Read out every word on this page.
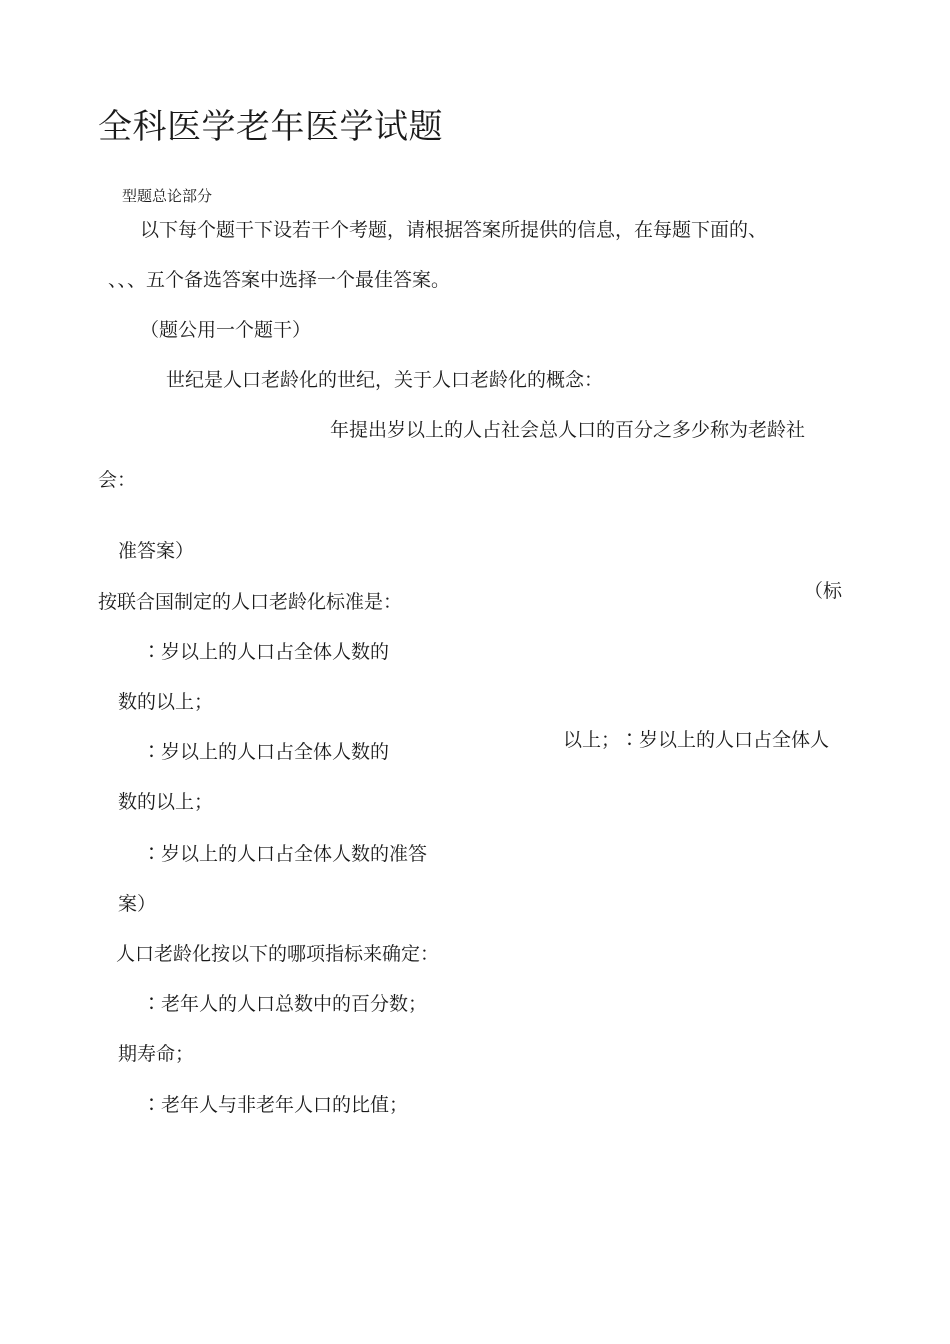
全科医学老年医学试题
型题总论部分
以下每个题干下设若干个考题，请根据答案所提供的信息，在每题下面的、
、、、五个备选答案中选择一个最佳答案。
（题公用一个题干）
世纪是人口老龄化的世纪，关于人口老龄化的概念：
年提出岁以上的人占社会总人口的百分之多少称为老龄社
会：
准答案）
按联合国制定的人口老龄化标准是：	（标
∶岁以上的人口占全体人数的
数的以上；
以上；∶岁以上的人口占全体人
∶岁以上的人口占全体人数的
数的以上；
∶岁以上的人口占全体人数的准答
案）
人口老龄化按以下的哪项指标来确定：
∶老年人的人口总数中的百分数；
期寿命；
∶老年人与非老年人口的比值；
